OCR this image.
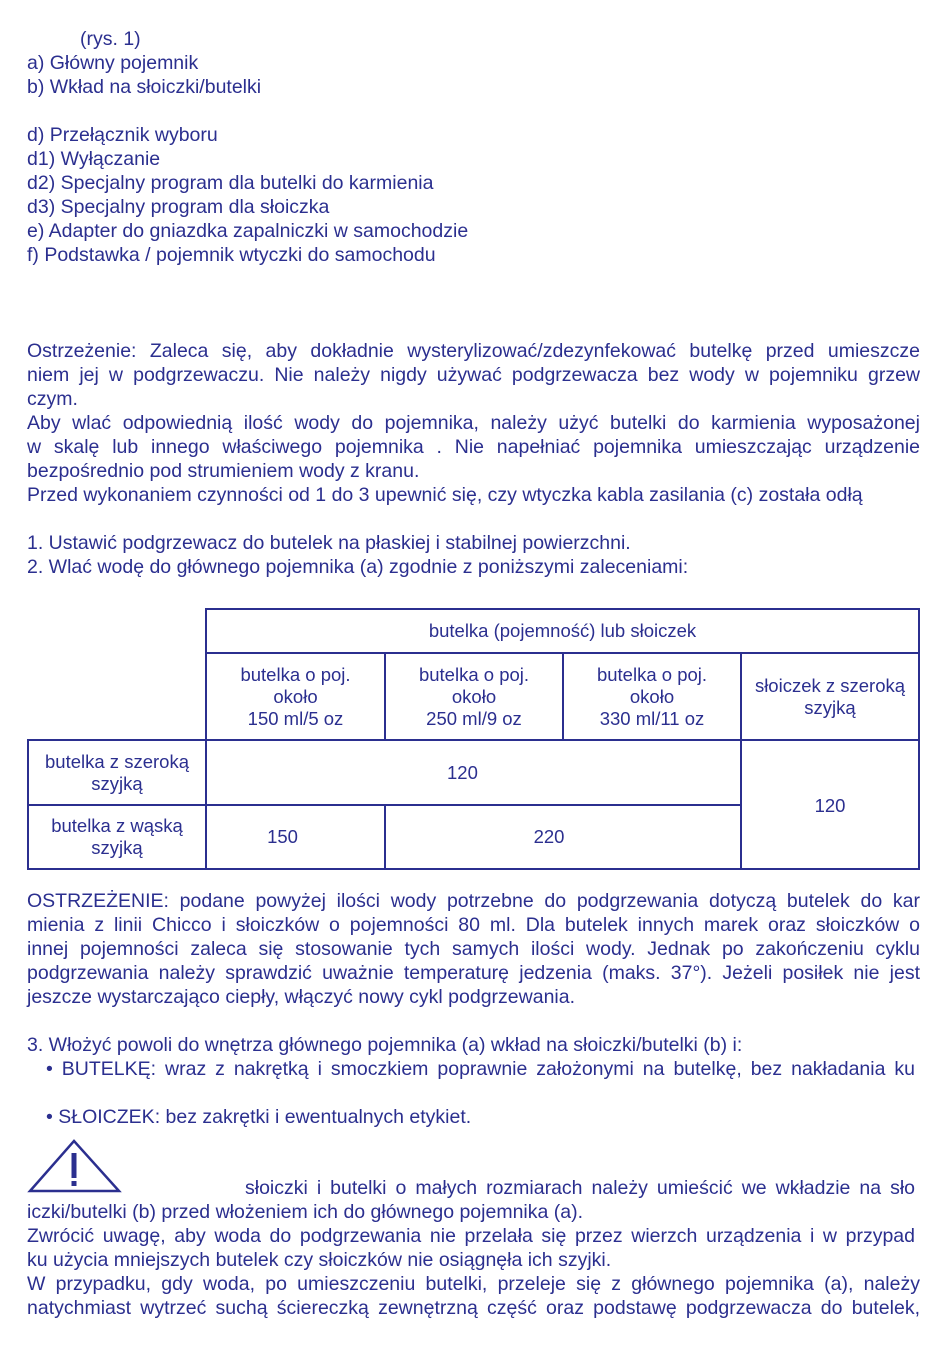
(rys. 1)

a) Główny pojemnik

b) Wkład na słoiczki/butelki

d) Przełącznik wyboru

d1) Wyłączanie

d2) Specjalny program dla butelki do karmienia

d3) Specjalny program dla słoiczka

e) Adapter do gniazdka zapalniczki w samochodzie

f) Podstawka / pojemnik wtyczki do samochodu

Ostrzeżenie: Zaleca się, aby dokładnie wysterylizować/zdezynfekować butelkę przed umieszcze

niem jej w podgrzewaczu. Nie należy nigdy używać podgrzewacza bez wody w pojemniku grzew

czym.

Aby wlać odpowiednią ilość wody do pojemnika, należy użyć butelki do karmienia wyposażonej

w skalę lub innego właściwego pojemnika . Nie napełniać pojemnika umieszczając urządzenie

bezpośrednio pod strumieniem wody z kranu.

Przed wykonaniem czynności od 1 do 3 upewnić się, czy wtyczka kabla zasilania (c) została odłą

1. Ustawić podgrzewacz do butelek na płaskiej i stabilnej powierzchni.

2. Wlać wodę do głównego pojemnika (a) zgodnie z poniższymi zaleceniami:

butelka (pojemność) lub słoiczek
butelka o poj.
około
150 ml/5 oz
butelka o poj.
około
250 ml/9 oz
butelka o poj.
około
330 ml/11 oz
słoiczek z szeroką
szyjką
butelka z szeroką
szyjką
butelka z wąską
szyjką
120
120
150	220

OSTRZEŻENIE: podane powyżej ilości wody potrzebne do podgrzewania dotyczą butelek do kar

mienia z linii Chicco i słoiczków o pojemności 80 ml. Dla butelek innych marek oraz słoiczków o

innej pojemności zaleca się stosowanie tych samych ilości wody. Jednak po zakończeniu cyklu

podgrzewania należy sprawdzić uważnie temperaturę jedzenia (maks. 37°). Jeżeli posiłek nie jest

jeszcze wystarczająco ciepły, włączyć nowy cykl podgrzewania.

3. Włożyć powoli do wnętrza głównego pojemnika (a) wkład na słoiczki/butelki (b) i:

• BUTELKĘ: wraz z nakrętką i smoczkiem poprawnie założonymi na butelkę, bez nakładania ku

• SŁOICZEK: bez zakrętki i ewentualnych etykiet.

słoiczki i butelki o małych rozmiarach należy umieścić we wkładzie na sło

iczki/butelki (b) przed włożeniem ich do głównego pojemnika (a).

Zwrócić uwagę, aby woda do podgrzewania nie przelała się przez wierzch urządzenia i w przypad

ku użycia mniejszych butelek czy słoiczków nie osiągnęła ich szyjki.

W przypadku, gdy woda, po umieszczeniu butelki, przeleje się z głównego pojemnika (a), należy

natychmiast wytrzeć suchą ściereczką zewnętrzną część oraz podstawę podgrzewacza do butelek,
